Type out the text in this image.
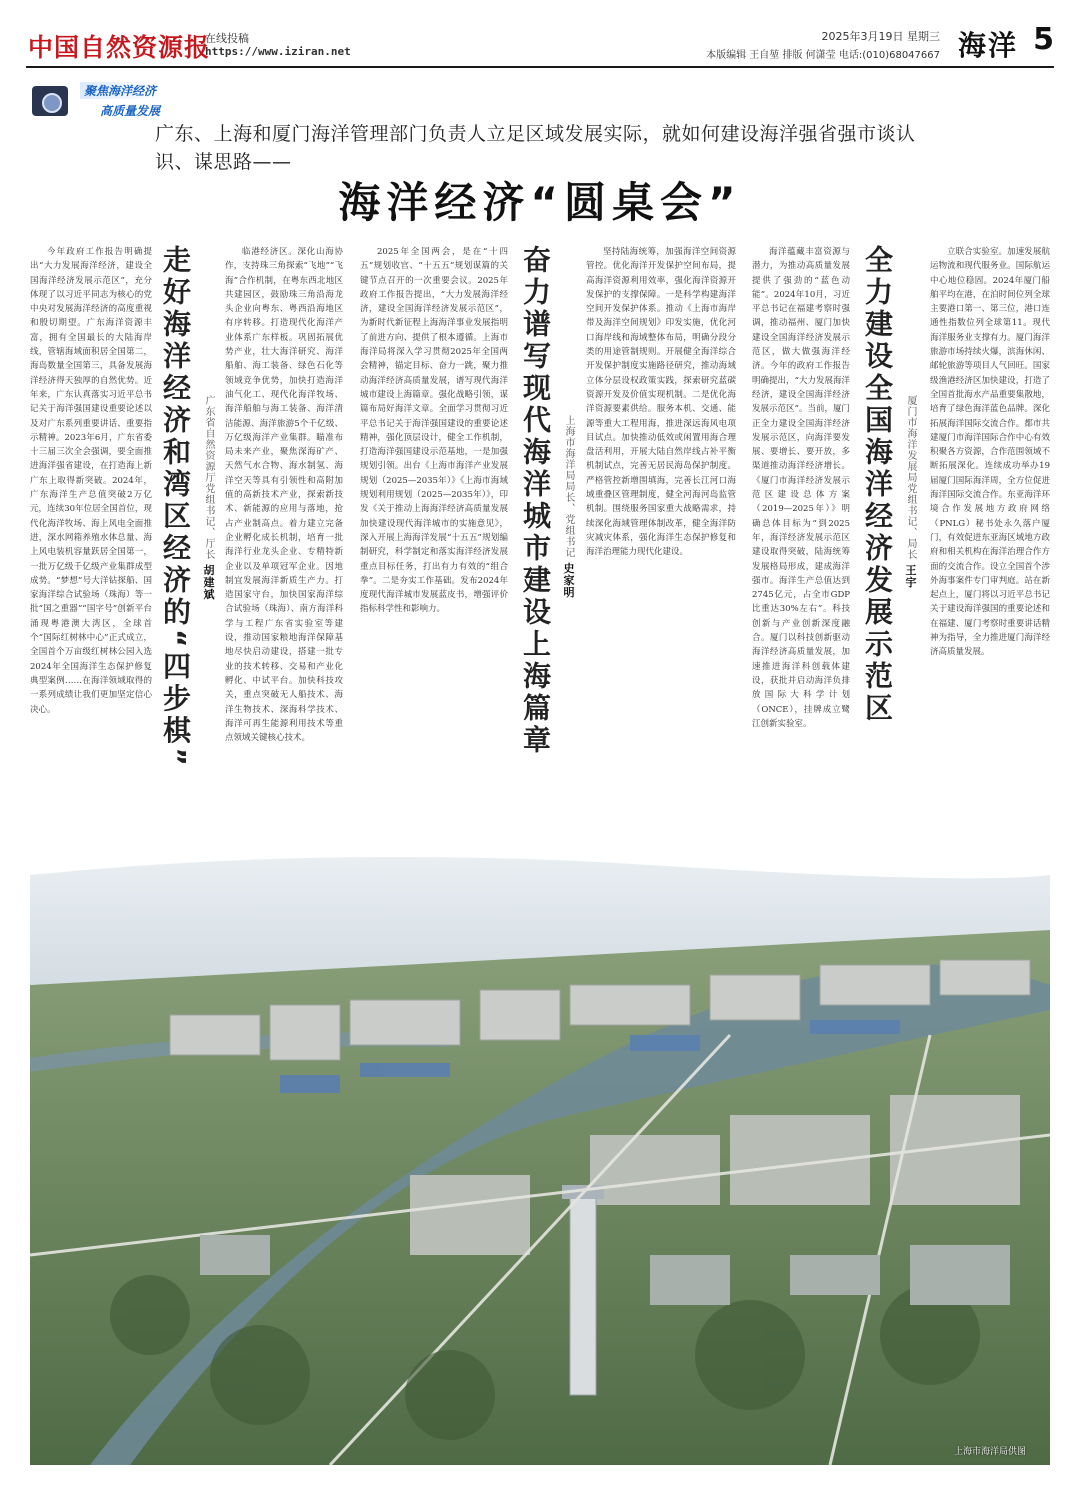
中国自然资源报
在线投稿
https://www.iziran.net
2025年3月19日 星期三
本版编辑 王自堃 排版 何潇莹 电话:(010)68047667 海洋 5
聚焦海洋经济
高质量发展
广东、上海和厦门海洋管理部门负责人立足区域发展实际，就如何建设海洋强省强市谈认识、谋思路——
海洋经济“圆桌会”

今年政府工作报告明确提出“大力发展海洋经济，建设全国海洋经济发展示范区”，充分体现了以习近平同志为核心的党中央对发展海洋经济的高度重视和殷切期望。广东海洋资源丰富，拥有全国最长的大陆海岸线，管辖海域面积居全国第二，海岛数量全国第三，具备发展海洋经济得天独厚的自然优势。近年来，广东认真落实习近平总书记关于海洋强国建设重要论述以及对广东系列重要讲话、重要指示精神。2023年6月，广东省委十三届三次全会强调，要全面推进海洋强省建设，在打造海上新广东上取得新突破。2024年，广东海洋生产总值突破2万亿元，连续30年位居全国首位，现代化海洋牧场、海上风电全面推进，深水网箱养殖水体总量、海上风电装机容量跃居全国第一，一批万亿级千亿级产业集群成型成势。“梦想”号大洋钻探船、国家海洋综合试验场（珠海）等一批“国之重器”“国字号”创新平台涌现粤港澳大湾区，全球首个“国际红树林中心”正式成立，全国首个万亩级红树林公园入选2024年全国海洋生态保护修复典型案例……在海洋领域取得的一系列成绩让我们更加坚定信心决心。	走好海洋经济和湾区经济的“四步棋”	广东省自然资源厅党组书记、厅长 胡建斌

临港经济区。深化山海协作，支持珠三角探索“飞地”“飞海”合作机制，在粤东西北地区共建园区，鼓励珠三角沿海龙头企业向粤东、粤西沿海地区有序转移。打造现代化海洋产业体系广东样板。巩固拓展优势产业，壮大海洋研究、海洋船舶、海工装备、绿色石化等领域竞争优势，加快打造海洋油气化工、现代化海洋牧场、海洋船舶与海工装备、海洋清洁能源、海洋旅游5个千亿级、万亿级海洋产业集群。瞄准布局未来产业，聚焦深海矿产、天然气水合物、海水制氢、海洋空天等具有引领性和高附加值的高新技术产业，探索新技术、新能源的应用与落地，抢占产业制高点。着力建立完备企业孵化成长机制，培育一批海洋行业龙头企业、专精特新企业以及单项冠军企业。因地制宜发展海洋新质生产力。打造国家守台，加快国家海洋综合试验场（珠海）、南方海洋科学与工程广东省实验室等建设，推动国家粮地海洋保障基地尽快启动建设，搭建一批专业的技术转移、交易和产业化孵化、中试平台。加快科技攻关，重点突破无人船技术、海洋生物技术、深海科学技术、海洋可再生能源利用技术等重点领域关键核心技术。

2025年全国两会，是在“十四五”规划收官、“十五五”规划谋篇的关键节点召开的一次重要会议。2025年政府工作报告提出，“大力发展海洋经济，建设全国海洋经济发展示范区”，为新时代新征程上海海洋事业发展指明了前进方向、提供了根本遵循。上海市海洋局将深入学习贯彻2025年全国两会精神，锚定目标、奋力一跳，聚力推动海洋经济高质量发展，谱写现代海洋城市建设上海篇章。强化战略引领，谋篇布局好海洋文章。全面学习贯彻习近平总书记关于海洋强国建设的重要论述精神，强化顶层设计，健全工作机制，打造海洋强国建设示范基地，一是加强规划引领。出台《上海市海洋产业发展规划（2025—2035年）》《上海市海域规划利用规划（2025—2035年）》，印发《关于推动上海海洋经济高质量发展 加快建设现代海洋城市的实施意见》，深入开展上海海洋发展“十五五”规划编制研究，科学制定和落实海洋经济发展重点目标任务，打出有力有效的“组合拳”。二是夯实工作基础。发布2024年度现代海洋城市发展蓝皮书，增强评价指标科学性和影响力。	奋力谱写现代海洋城市建设上海篇章	上海市海洋局局长、党组书记 史家明

坚持陆海统筹，加强海洋空间资源管控。优化海洋开发保护空间布局，提高海洋资源利用效率，强化海洋资源开发保护的支撑保障。一是科学构建海洋空间开发保护体系。推动《上海市海岸带及海洋空间规划》印发实施，优化河口海岸线和海域整体布局，明确分段分类的用途管制规则。开展健全海洋综合开发保护制度实施路径研究，推动海域立体分层设权政策实践，探索研究蓝碳资源开发及价值实现机制。二是优化海洋资源要素供给。服务本机、交通、能源等重大工程用海，推进深远海风电项目试点。加快推动低效或闲置用海合理盘活利用，开展大陆自然岸线占补平衡机制试点，完善无居民海岛保护制度。严格管控新增围填海，完善长江河口海域重叠区管理制度，健全河海河岛监管机制。围绕服务国家重大战略需求，持续深化海域管理体制改革，健全海洋防灾减灾体系，强化海洋生态保护修复和海洋治理能力现代化建设。

海洋蕴藏丰富资源与潜力，为推动高质量发展提供了强劲的“蓝色动能”。2024年10月，习近平总书记在福建考察时强调，推动福州、厦门加快建设全国海洋经济发展示范区，做大做强海洋经济。今年的政府工作报告明确提出，“大力发展海洋经济，建设全国海洋经济发展示范区”。当前，厦门正全力建设全国海洋经济发展示范区，向海洋要发展、要增长、要开放，多渠道推动海洋经济增长。《厦门市海洋经济发展示范区建设总体方案（2019—2025年）》明确总体目标为“到2025年，海洋经济发展示范区建设取得突破，陆海统筹发展格局形成，建成海洋强市。海洋生产总值达到2745亿元，占全市GDP比重达30%左右”。科技创新与产业创新深度融合。厦门以科技创新驱动海洋经济高质量发展，加速推进海洋科创载体建设，获批并启动海洋负排放国际大科学计划（ONCE），挂牌成立鹭江创新实验室。	全力建设全国海洋经济发展示范区	厦门市海洋发展局党组书记、局长 王宇

立联合实验室。加速发展航运物流和现代服务业。国际航运中心地位稳固。2024年厦门船舶平均在港，在泊时间位列全球主要港口第一、第三位，港口连通性指数位列全球第11。现代海洋服务业支撑有力。厦门海洋旅游市场持续火爆，滨海休闲、邮轮旅游等项目人气回旺。国家级渔港经济区加快建设，打造了全国首批海水产品重要集散地，培育了绿色海洋蓝色品牌。深化拓展海洋国际交流合作。都市共建厦门市海洋国际合作中心有效积聚各方资源，合作范围领域不断拓展深化。连续成功举办19届厦门国际海洋周，全方位促进海洋国际交流合作。东亚海洋环境合作发展地方政府网络（PNLG）秘书处永久落户厦门，有效促进东亚海区域地方政府和相关机构在海洋治理合作方面的交流合作。设立全国首个涉外海事案件专门审判庭。站在新起点上，厦门将以习近平总书记关于建设海洋强国的重要论述和在福建、厦门考察时重要讲话精神为指导，全力推进厦门海洋经济高质量发展。

上海市海洋局供图
